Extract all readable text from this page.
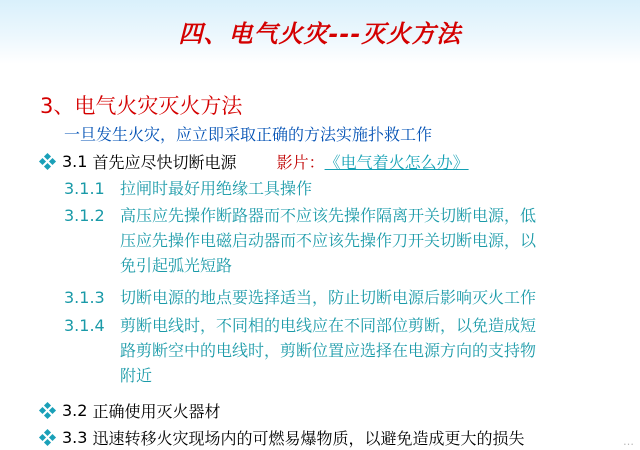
四、电气火灾---灭火方法
3、电气火灾灭火方法
一旦发生火灾，应立即采取正确的方法实施扑救工作
3.1
首先应尽快切断电源	影片： 《电气着火怎么办》
3.1.1 拉闸时最好用绝缘工具操作
3.1.2 高压应先操作断路器而不应该先操作隔离开关切断电源，低
压应先操作电磁启动器而不应该先操作刀开关切断电源，以
免引起弧光短路
3.1.3 切断电源的地点要选择适当，防止切断电源后影响灭火工作
3.1.4 剪断电线时，不同相的电线应在不同部位剪断，以免造成短
路剪断空中的电线时，剪断位置应选择在电源方向的支持物
附近
3.2
正确使用灭火器材
3.3
迅速转移火灾现场内的可燃易爆物质，以避免造成更大的损失	…
